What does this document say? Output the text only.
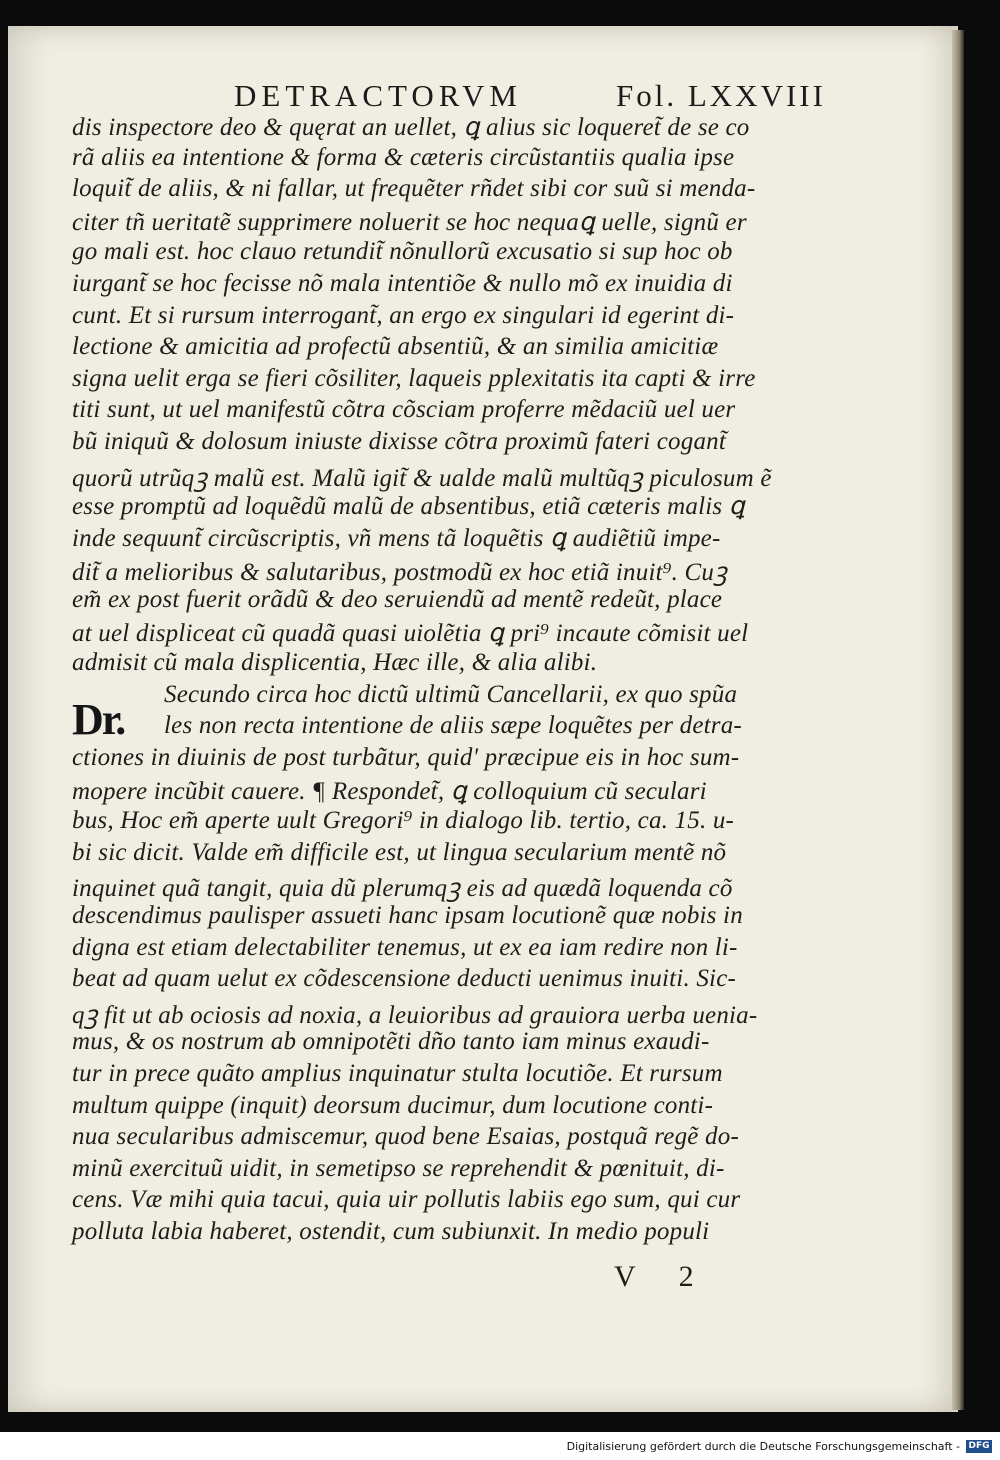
DETRACTORVM

	Fol. LXXVIII

Dr.
dis inspectore deo & quęrat an uellet, ꝗ alius sic loqueret̃ de se co
rã aliis ea intentione & forma & cæteris circũstantiis qualia ipse
loquit̃ de aliis, & ni fallar, ut frequẽter rñdet sibi cor suũ si menda-
citer tñ ueritatẽ supprimere noluerit se hoc nequaꝗ uelle, signũ er
go mali est. hoc clauo retundit̃ nõnullorũ excusatio si sup hoc ob
iurgant̃ se hoc fecisse nõ mala intentiõe & nullo mõ ex inuidia di
cunt. Et si rursum interrogant̃, an ergo ex singulari id egerint di-
lectione & amicitia ad profectũ absentiũ, & an similia amicitiæ
signa uelit erga se fieri cõsiliter, laqueis pplexitatis ita capti & irre
titi sunt, ut uel manifestũ cõtra cõsciam proferre mẽdaciũ uel uer
bũ iniquũ & dolosum iniuste dixisse cõtra proximũ fateri cogant̃
quorũ utrũqꝫ malũ est. Malũ igit̃ & ualde malũ multũqꝫ piculosum ẽ
esse promptũ ad loquẽdũ malũ de absentibus, etiã cæteris malis ꝗ
inde sequunt̃ circũscriptis, vñ mens tã loquẽtis ꝗ audiẽtiũ impe-
dit̃ a melioribus & salutaribus, postmodũ ex hoc etiã inuit⁹. Cuꝫ
em̃ ex post fuerit orãdũ & deo seruiendũ ad mentẽ redeũt, place
at uel displiceat cũ quadã quasi uiolẽtia ꝗ pri⁹ incaute cõmisit uel
admisit cũ mala displicentia, Hæc ille, & alia alibi.
Secundo circa hoc dictũ ultimũ Cancellarii, ex quo spũa
les non recta intentione de aliis sæpe loquẽtes per detra-
ctiones in diuinis de post turbãtur, quid' præcipue eis in hoc sum-
mopere incũbit cauere. ¶ Respondet̃, ꝗ colloquium cũ seculari
bus, Hoc em̃ aperte uult Gregori⁹ in dialogo lib. tertio, ca. 15. u-
bi sic dicit. Valde em̃ difficile est, ut lingua secularium mentẽ nõ
inquinet quã tangit, quia dũ plerumqꝫ eis ad quædã loquenda cõ
descendimus paulisper assueti hanc ipsam locutionẽ quæ nobis in
digna est etiam delectabiliter tenemus, ut ex ea iam redire non li-
beat ad quam uelut ex cõdescensione deducti uenimus inuiti. Sic-
qꝫ fit ut ab ociosis ad noxia, a leuioribus ad grauiora uerba uenia-
mus, & os nostrum ab omnipotẽti dño tanto iam minus exaudi-
tur in prece quãto amplius inquinatur stulta locutiõe. Et rursum
multum quippe (inquit) deorsum ducimur, dum locutione conti-
nua secularibus admiscemur, quod bene Esaias, postquã regẽ do-
minũ exercituũ uidit, in semetipso se reprehendit & pœnituit, di-
cens. Væ mihi quia tacui, quia uir pollutis labiis ego sum, qui cur
polluta labia haberet, ostendit, cum subiunxit. In medio populi
V 2
Digitalisierung gefördert durch die Deutsche Forschungsgemeinschaft - DFG
